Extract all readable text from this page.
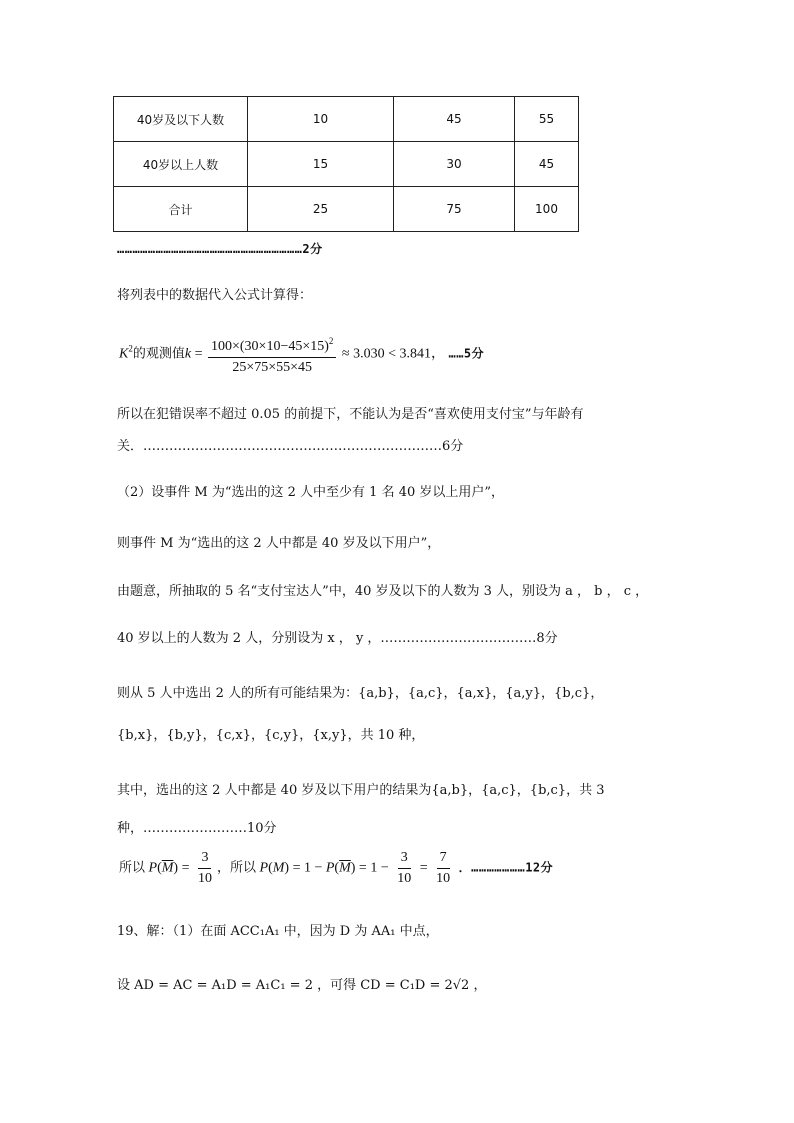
40岁及以下人数	10	45	55
40岁以上人数	15	30	45
合计	25	75	100
………………………………………………………………2分
将列表中的数据代入公式计算得：
$K^2$的观测值$k = \frac{100\times(30\times 10-45\times 15)^2}{25\times 75\times 55\times 45} \approx 3.030 < 3.841$， ……5分
所以在犯错误率不超过 0.05 的前提下，不能认为是否“喜欢使用支付宝”与年龄有
关．……………………………………………………………6分
（2）设事件 M 为“选出的这 2 人中至少有 1 名 40 岁以上用户”，
则事件 M 为“选出的这 2 人中都是 40 岁及以下用户”，
由题意，所抽取的 5 名“支付宝达人”中，40 岁及以下的人数为 3 人，别设为 a ， b ， c ，
40 岁以上的人数为 2 人，分别设为 x ， y ，………………………………8分
则从 5 人中选出 2 人的所有可能结果为：{a,b}，{a,c}，{a,x}，{a,y}，{b,c}，
{b,x}，{b,y}，{c,x}，{c,y}，{x,y}，共 10 种，
其中，选出的这 2 人中都是 40 岁及以下用户的结果为{a,b}，{a,c}，{b,c}，共 3
种，……………………10分
所以 $P(\overline{M}) = \frac{3}{10}$ ，所以 $P(M) = 1 - P(\overline{M}) = 1 - \frac{3}{10} = \frac{7}{10}$ ．…………………12分
19、解：（1）在面 ACC₁A₁ 中，因为 D 为 AA₁ 中点，
设 AD = AC = A₁D = A₁C₁ = 2 ，可得 CD = C₁D = 2√2 ，
